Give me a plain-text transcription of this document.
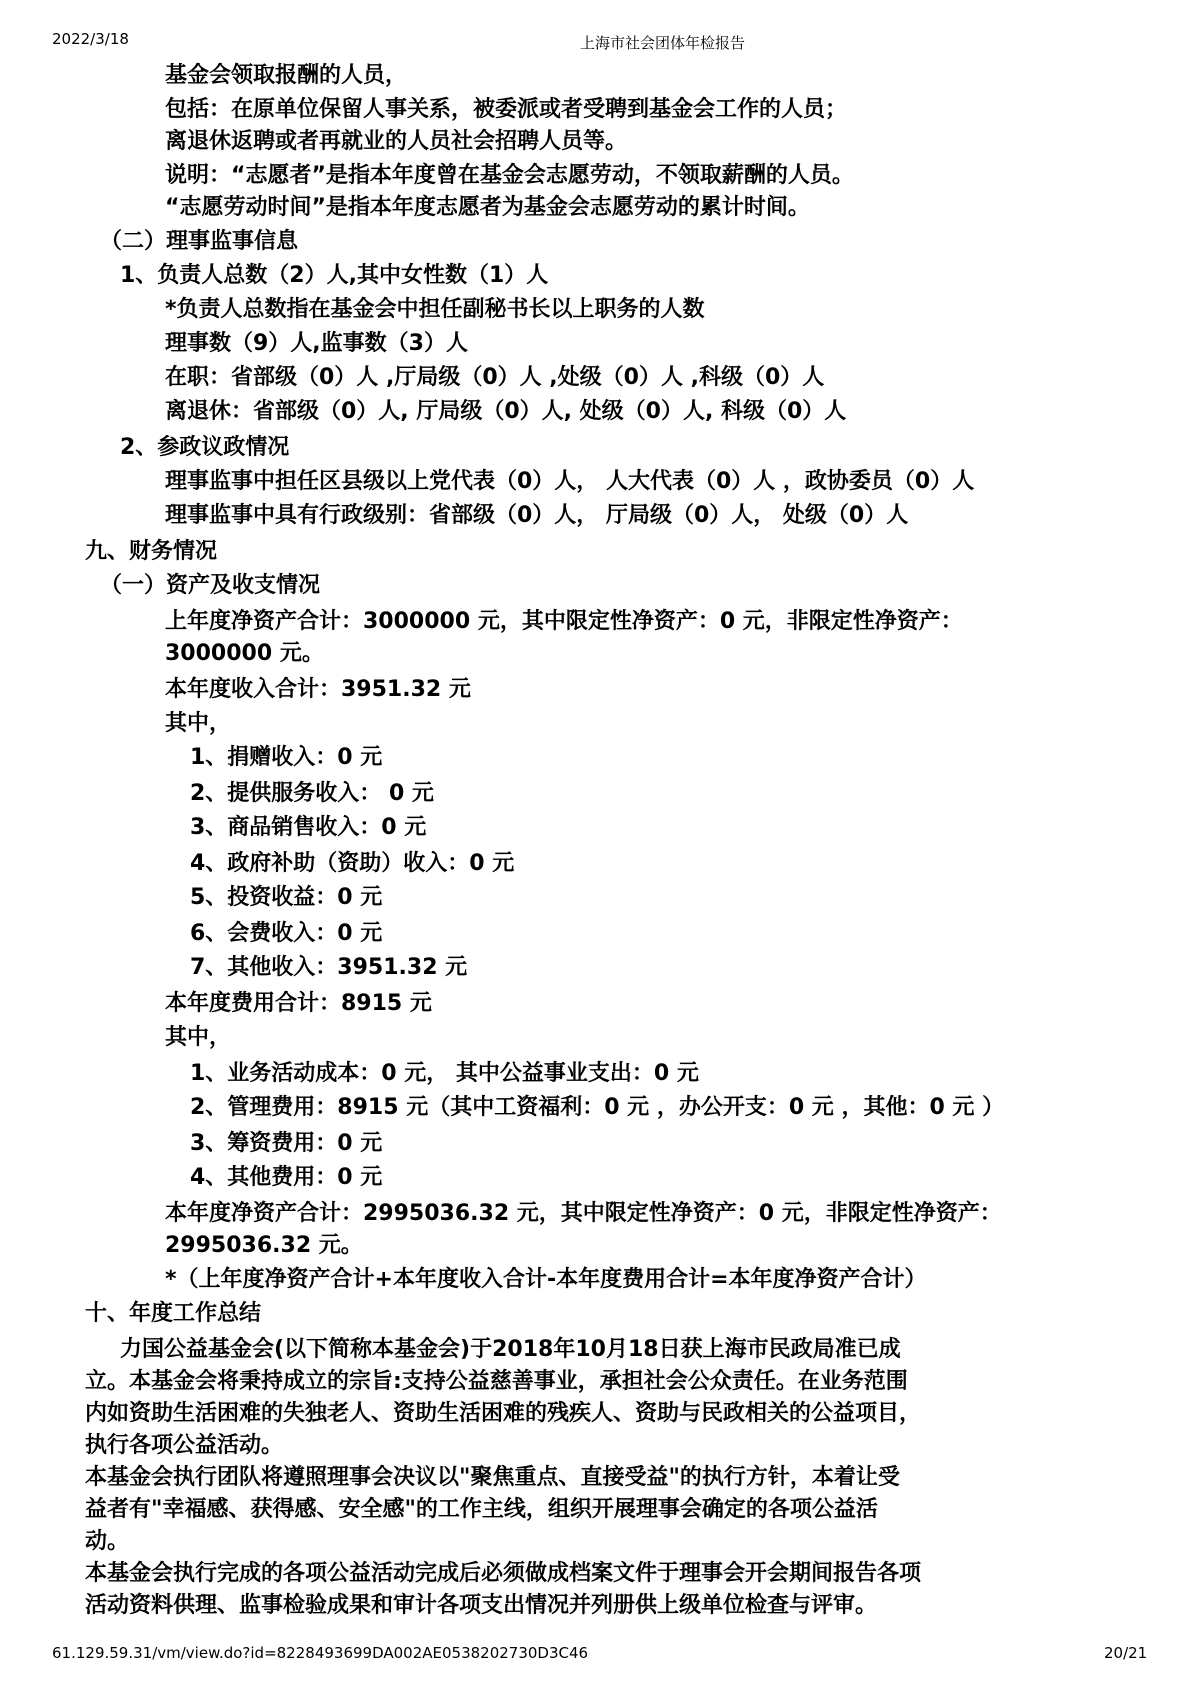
2022/3/18	上海市社会团体年检报告
基金会领取报酬的人员，
包括：在原单位保留人事关系，被委派或者受聘到基金会工作的人员；
离退休返聘或者再就业的人员社会招聘人员等。
说明：“志愿者”是指本年度曾在基金会志愿劳动，不领取薪酬的人员。
“志愿劳动时间”是指本年度志愿者为基金会志愿劳动的累计时间。
（二）理事监事信息
1、负责人总数（2）人,其中女性数（1）人
*负责人总数指在基金会中担任副秘书长以上职务的人数
理事数（9）人,监事数（3）人
在职：省部级（0）人 ,厅局级（0）人 ,处级（0）人 ,科级（0）人
离退休：省部级（0）人, 厅局级（0）人, 处级（0）人, 科级（0）人
2、参政议政情况
理事监事中担任区县级以上党代表（0）人， 人大代表（0）人 ，政协委员（0）人
理事监事中具有行政级别：省部级（0）人， 厅局级（0）人， 处级（0）人
九、财务情况
（一）资产及收支情况
上年度净资产合计：3000000 元，其中限定性净资产：0 元，非限定性净资产：
3000000 元。
本年度收入合计：3951.32 元
其中，
1、捐赠收入：0 元
2、提供服务收入： 0 元
3、商品销售收入：0 元
4、政府补助（资助）收入：0 元
5、投资收益：0 元
6、会费收入：0 元
7、其他收入：3951.32 元
本年度费用合计：8915 元
其中，
1、业务活动成本：0 元， 其中公益事业支出：0 元
2、管理费用：8915 元（其中工资福利：0 元 ，办公开支：0 元 ，其他：0 元 ）
3、筹资费用：0 元
4、其他费用：0 元
本年度净资产合计：2995036.32 元，其中限定性净资产：0 元，非限定性净资产：
2995036.32 元。
*（上年度净资产合计+本年度收入合计-本年度费用合计=本年度净资产合计）
十、年度工作总结
力国公益基金会(以下简称本基金会)于2018年10月18日获上海市民政局准已成
立。本基金会将秉持成立的宗旨:支持公益慈善事业，承担社会公众责任。在业务范围
内如资助生活困难的失独老人、资助生活困难的残疾人、资助与民政相关的公益项目，
执行各项公益活动。
本基金会执行团队将遵照理事会决议以"聚焦重点、直接受益"的执行方针，本着让受
益者有"幸福感、获得感、安全感"的工作主线，组织开展理事会确定的各项公益活
动。
本基金会执行完成的各项公益活动完成后必须做成档案文件于理事会开会期间报告各项
活动资料供理、监事检验成果和审计各项支出情况并列册供上级单位检查与评审。
61.129.59.31/vm/view.do?id=8228493699DA002AE0538202730D3C46	20/21
